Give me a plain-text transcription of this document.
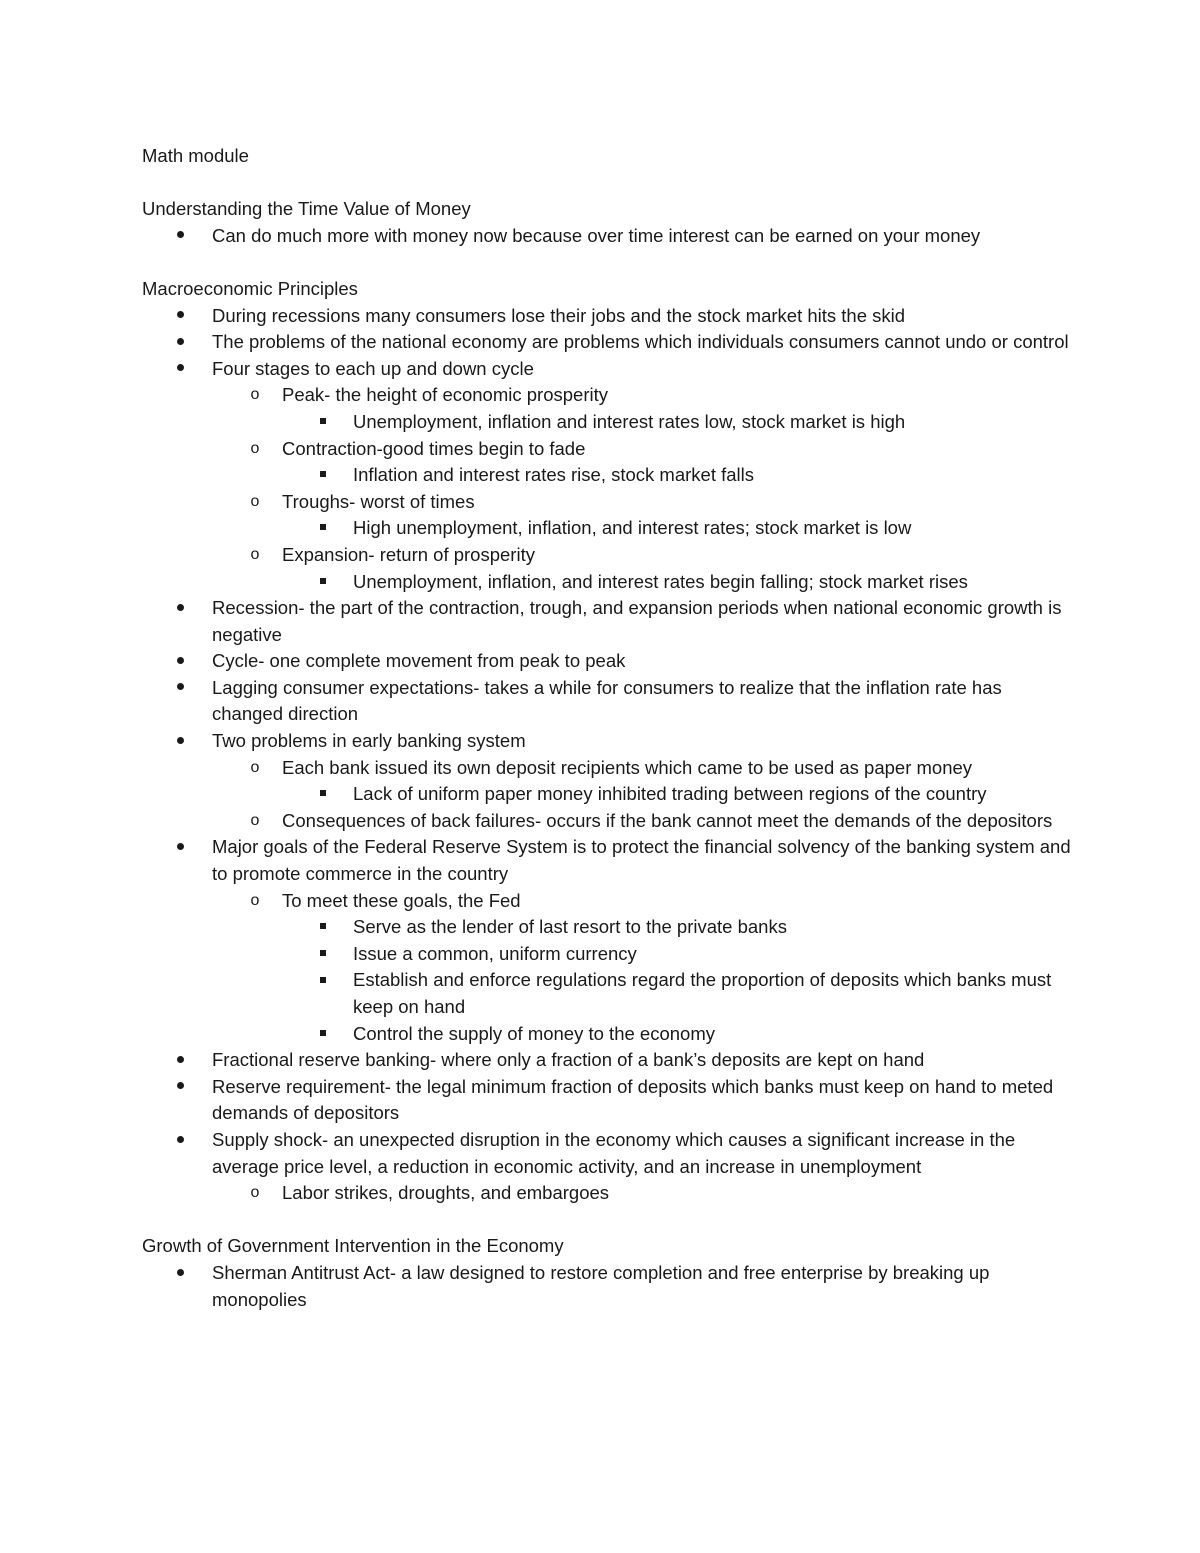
Math module

Understanding the Time Value of Money

Can do much more with money now because over time interest can be earned on your money

Macroeconomic Principles

During recessions many consumers lose their jobs and the stock market hits the skid
The problems of the national economy are problems which individuals consumers cannot undo or control
Four stages to each up and down cycle
o Peak- the height of economic prosperity
Unemployment, inflation and interest rates low, stock market is high
o Contraction-good times begin to fade
Inflation and interest rates rise, stock market falls
o Troughs- worst of times
High unemployment, inflation, and interest rates; stock market is low
o Expansion- return of prosperity
Unemployment, inflation, and interest rates begin falling; stock market rises
Recession- the part of the contraction, trough, and expansion periods when national economic growth is negative
Cycle- one complete movement from peak to peak
Lagging consumer expectations- takes a while for consumers to realize that the inflation rate has changed direction
Two problems in early banking system
o Each bank issued its own deposit recipients which came to be used as paper money
Lack of uniform paper money inhibited trading between regions of the country
o Consequences of back failures- occurs if the bank cannot meet the demands of the depositors
Major goals of the Federal Reserve System is to protect the financial solvency of the banking system and to promote commerce in the country
o To meet these goals, the Fed
Serve as the lender of last resort to the private banks
Issue a common, uniform currency
Establish and enforce regulations regard the proportion of deposits which banks must keep on hand
Control the supply of money to the economy
Fractional reserve banking- where only a fraction of a bank’s deposits are kept on hand
Reserve requirement- the legal minimum fraction of deposits which banks must keep on hand to meted demands of depositors
Supply shock- an unexpected disruption in the economy which causes a significant increase in the average price level, a reduction in economic activity, and an increase in unemployment
o Labor strikes, droughts, and embargoes

Growth of Government Intervention in the Economy

Sherman Antitrust Act- a law designed to restore completion and free enterprise by breaking up monopolies
